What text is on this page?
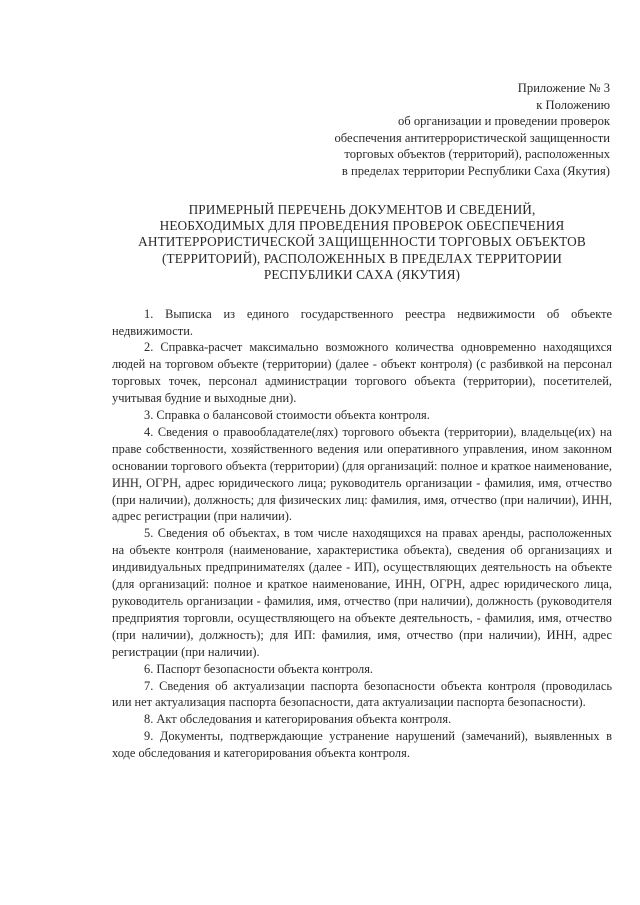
Приложение № 3
к Положению
об организации и проведении проверок
обеспечения антитеррористической защищенности
торговых объектов (территорий), расположенных
в пределах территории Республики Саха (Якутия)
ПРИМЕРНЫЙ ПЕРЕЧЕНЬ ДОКУМЕНТОВ И СВЕДЕНИЙ,
НЕОБХОДИМЫХ ДЛЯ ПРОВЕДЕНИЯ ПРОВЕРОК ОБЕСПЕЧЕНИЯ
АНТИТЕРРОРИСТИЧЕСКОЙ ЗАЩИЩЕННОСТИ ТОРГОВЫХ ОБЪЕКТОВ
(ТЕРРИТОРИЙ), РАСПОЛОЖЕННЫХ В ПРЕДЕЛАХ ТЕРРИТОРИИ
РЕСПУБЛИКИ САХА (ЯКУТИЯ)

1. Выписка из единого государственного реестра недвижимости об объекте недвижимости.

2. Справка-расчет максимально возможного количества одновременно находящихся людей на торговом объекте (территории) (далее - объект контроля) (с разбивкой на персонал торговых точек, персонал администрации торгового объекта (территории), посетителей, учитывая будние и выходные дни).

3. Справка о балансовой стоимости объекта контроля.

4. Сведения о правообладателе(лях) торгового объекта (территории), владельце(их) на праве собственности, хозяйственного ведения или оперативного управления, ином законном основании торгового объекта (территории) (для организаций: полное и краткое наименование, ИНН, ОГРН, адрес юридического лица; руководитель организации - фамилия, имя, отчество (при наличии), должность; для физических лиц: фамилия, имя, отчество (при наличии), ИНН, адрес регистрации (при наличии).

5. Сведения об объектах, в том числе находящихся на правах аренды, расположенных на объекте контроля (наименование, характеристика объекта), сведения об организациях и индивидуальных предпринимателях (далее - ИП), осуществляющих деятельность на объекте (для организаций: полное и краткое наименование, ИНН, ОГРН, адрес юридического лица, руководитель организации - фамилия, имя, отчество (при наличии), должность (руководителя предприятия торговли, осуществляющего на объекте деятельность, - фамилия, имя, отчество (при наличии), должность); для ИП: фамилия, имя, отчество (при наличии), ИНН, адрес регистрации (при наличии).

6. Паспорт безопасности объекта контроля.

7. Сведения об актуализации паспорта безопасности объекта контроля (проводилась или нет актуализация паспорта безопасности, дата актуализации паспорта безопасности).

8. Акт обследования и категорирования объекта контроля.

9. Документы, подтверждающие устранение нарушений (замечаний), выявленных в ходе обследования и категорирования объекта контроля.
